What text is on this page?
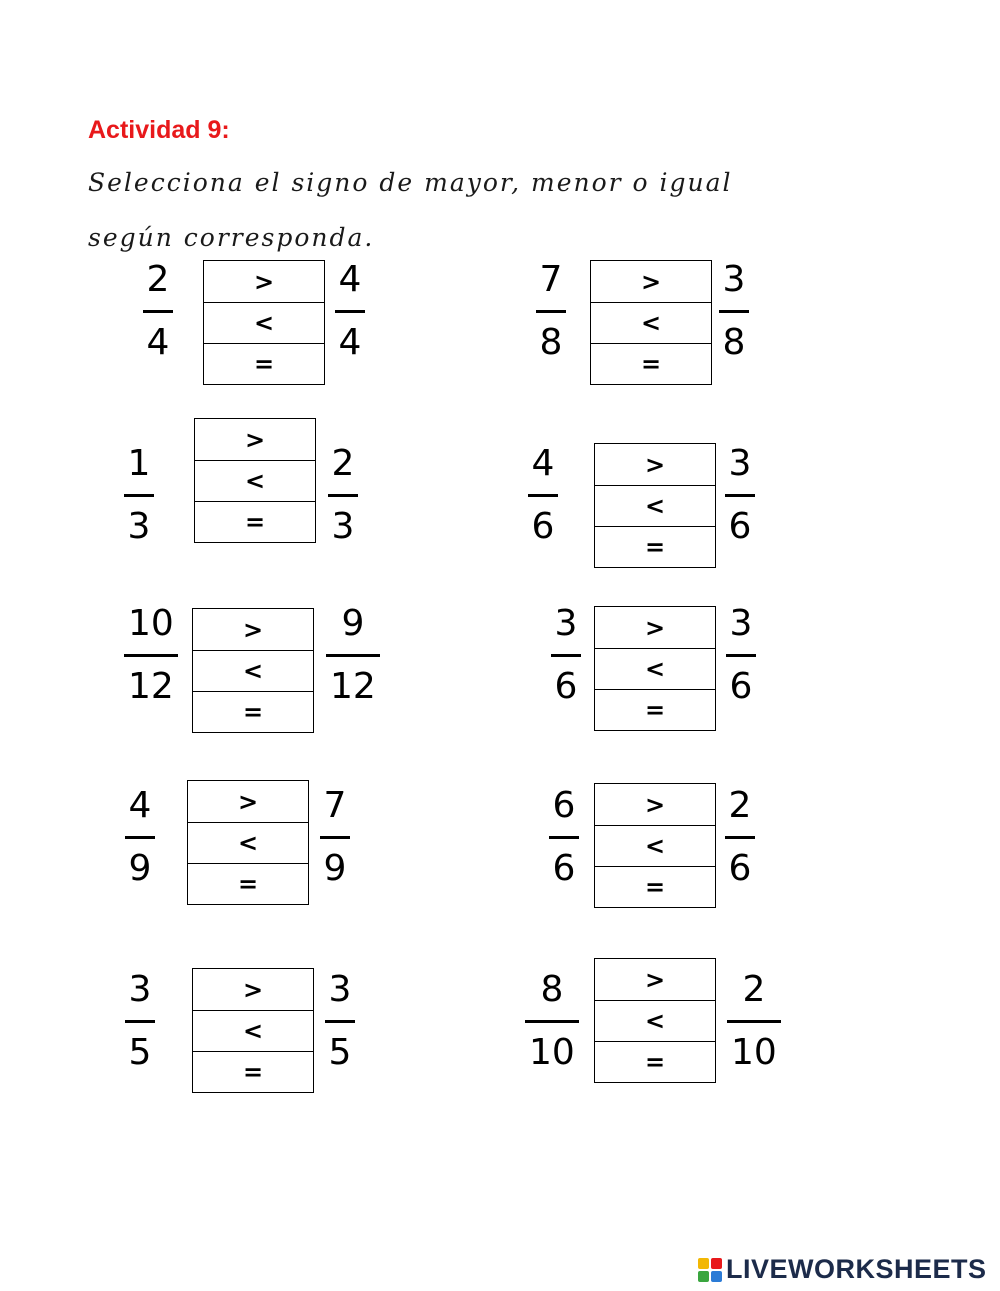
Actividad 9:
Selecciona el signo de mayor, menor o igual según corresponda.
2
4
>
<
=
4
4
7
8
>
<
=
3
8
1
3
>
<
=
2
3
4
6
>
<
=
3
6
10
12
>
<
=
9
12
3
6
>
<
=
3
6
4
9
>
<
=
7
9
6
6
>
<
=
2
6
3
5
>
<
=
3
5
8
10
>
<
=
2
10
LIVEWORKSHEETS
